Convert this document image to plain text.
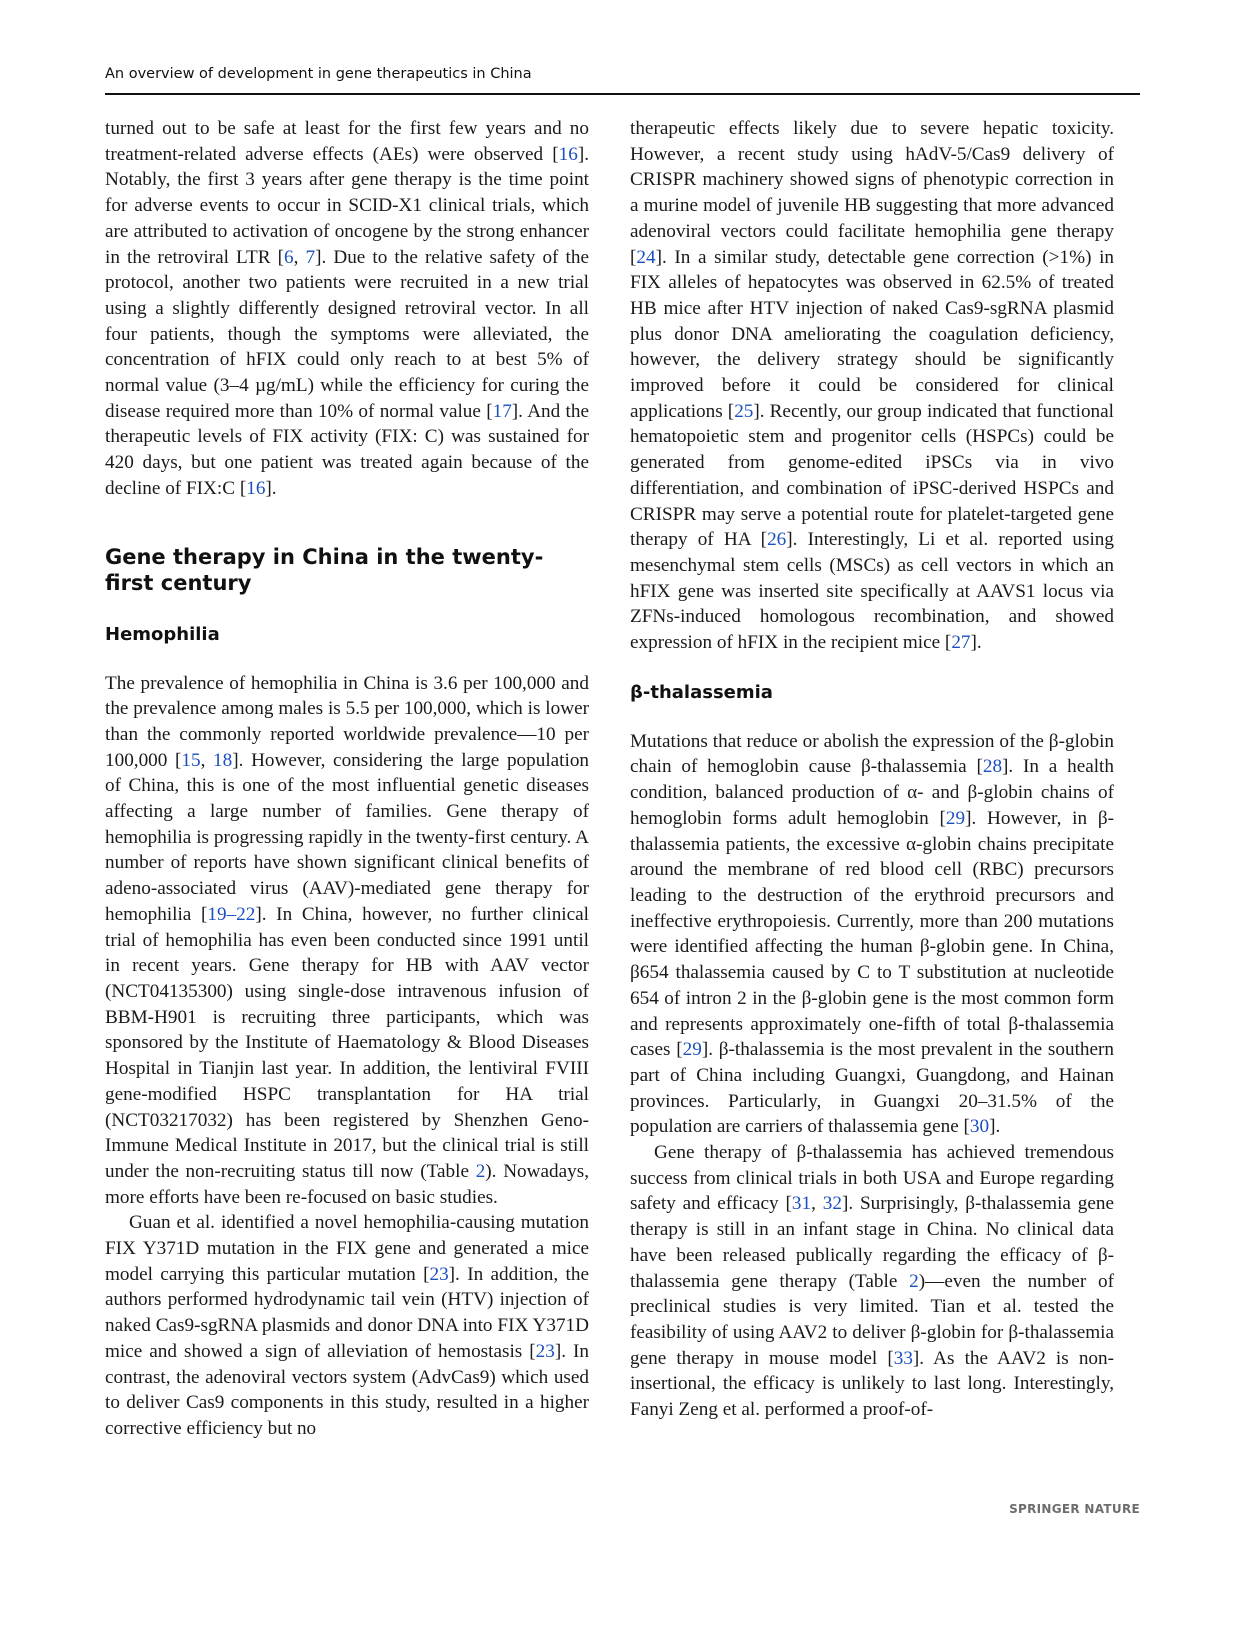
An overview of development in gene therapeutics in China

turned out to be safe at least for the first few years and no treatment-related adverse effects (AEs) were observed [16]. Notably, the first 3 years after gene therapy is the time point for adverse events to occur in SCID-X1 clinical trials, which are attributed to activation of oncogene by the strong enhancer in the retroviral LTR [6, 7]. Due to the relative safety of the protocol, another two patients were recruited in a new trial using a slightly differently designed retroviral vector. In all four patients, though the symptoms were alleviated, the concentration of hFIX could only reach to at best 5% of normal value (3–4 µg/mL) while the efficiency for curing the disease required more than 10% of normal value [17]. And the therapeutic levels of FIX activity (FIX: C) was sustained for 420 days, but one patient was treated again because of the decline of FIX:C [16].

Gene therapy in China in the twenty-first century
Hemophilia

The prevalence of hemophilia in China is 3.6 per 100,000 and the prevalence among males is 5.5 per 100,000, which is lower than the commonly reported worldwide prevalence—10 per 100,000 [15, 18]. However, considering the large population of China, this is one of the most influential genetic diseases affecting a large number of families. Gene therapy of hemophilia is progressing rapidly in the twenty-first century. A number of reports have shown significant clinical benefits of adeno-associated virus (AAV)-mediated gene therapy for hemophilia [19–22]. In China, however, no further clinical trial of hemophilia has even been conducted since 1991 until in recent years. Gene therapy for HB with AAV vector (NCT04135300) using single-dose intravenous infusion of BBM-H901 is recruiting three participants, which was sponsored by the Institute of Haematology & Blood Diseases Hospital in Tianjin last year. In addition, the lentiviral FVIII gene-modified HSPC transplantation for HA trial (NCT03217032) has been registered by Shenzhen Geno-Immune Medical Institute in 2017, but the clinical trial is still under the non-recruiting status till now (Table 2). Nowadays, more efforts have been re-focused on basic studies.

Guan et al. identified a novel hemophilia-causing mutation FIX Y371D mutation in the FIX gene and generated a mice model carrying this particular mutation [23]. In addition, the authors performed hydrodynamic tail vein (HTV) injection of naked Cas9-sgRNA plasmids and donor DNA into FIX Y371D mice and showed a sign of alleviation of hemostasis [23]. In contrast, the adenoviral vectors system (AdvCas9) which used to deliver Cas9 components in this study, resulted in a higher corrective efficiency but no

therapeutic effects likely due to severe hepatic toxicity. However, a recent study using hAdV-5/Cas9 delivery of CRISPR machinery showed signs of phenotypic correction in a murine model of juvenile HB suggesting that more advanced adenoviral vectors could facilitate hemophilia gene therapy [24]. In a similar study, detectable gene correction (>1%) in FIX alleles of hepatocytes was observed in 62.5% of treated HB mice after HTV injection of naked Cas9-sgRNA plasmid plus donor DNA ameliorating the coagulation deficiency, however, the delivery strategy should be significantly improved before it could be considered for clinical applications [25]. Recently, our group indicated that functional hematopoietic stem and progenitor cells (HSPCs) could be generated from genome-edited iPSCs via in vivo differentiation, and combination of iPSC-derived HSPCs and CRISPR may serve a potential route for platelet-targeted gene therapy of HA [26]. Interestingly, Li et al. reported using mesenchymal stem cells (MSCs) as cell vectors in which an hFIX gene was inserted site specifically at AAVS1 locus via ZFNs-induced homologous recombination, and showed expression of hFIX in the recipient mice [27].

β-thalassemia

Mutations that reduce or abolish the expression of the β-globin chain of hemoglobin cause β-thalassemia [28]. In a health condition, balanced production of α- and β-globin chains of hemoglobin forms adult hemoglobin [29]. However, in β-thalassemia patients, the excessive α-globin chains precipitate around the membrane of red blood cell (RBC) precursors leading to the destruction of the erythroid precursors and ineffective erythropoiesis. Currently, more than 200 mutations were identified affecting the human β-globin gene. In China, β654 thalassemia caused by C to T substitution at nucleotide 654 of intron 2 in the β-globin gene is the most common form and represents approximately one-fifth of total β-thalassemia cases [29]. β-thalassemia is the most prevalent in the southern part of China including Guangxi, Guangdong, and Hainan provinces. Particularly, in Guangxi 20–31.5% of the population are carriers of thalassemia gene [30].

Gene therapy of β-thalassemia has achieved tremendous success from clinical trials in both USA and Europe regarding safety and efficacy [31, 32]. Surprisingly, β-thalassemia gene therapy is still in an infant stage in China. No clinical data have been released publically regarding the efficacy of β-thalassemia gene therapy (Table 2)—even the number of preclinical studies is very limited. Tian et al. tested the feasibility of using AAV2 to deliver β-globin for β-thalassemia gene therapy in mouse model [33]. As the AAV2 is non-insertional, the efficacy is unlikely to last long. Interestingly, Fanyi Zeng et al. performed a proof-of-

SPRINGER NATURE
